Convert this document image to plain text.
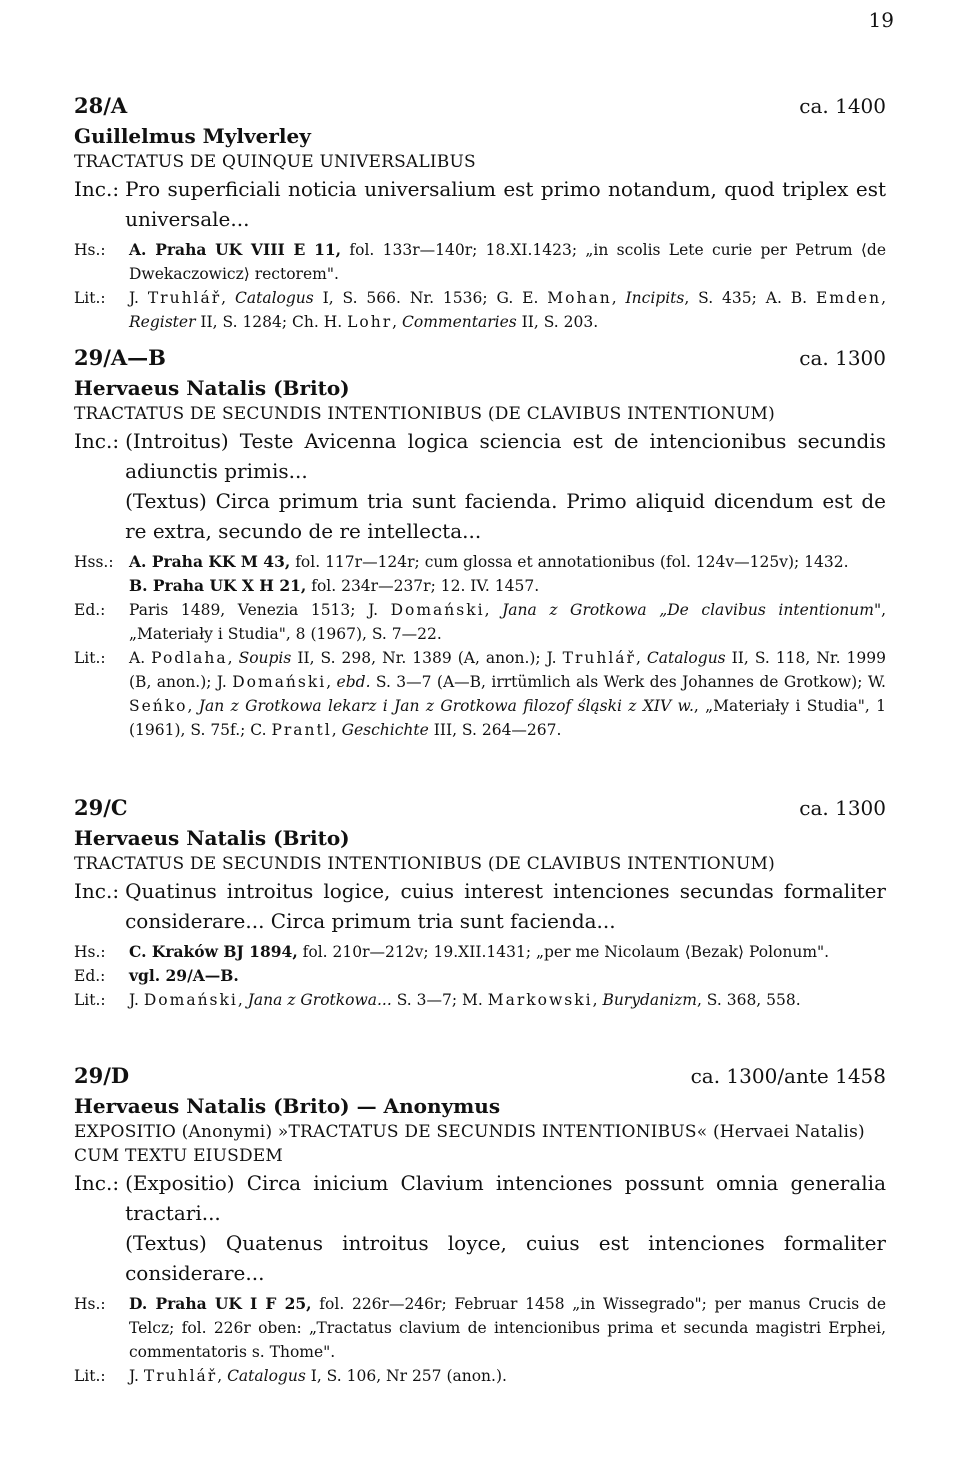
19
28/A	ca. 1400
Guillelmus Mylverley
TRACTATUS DE QUINQUE UNIVERSALIBUS
Inc.: Pro superficiali noticia universalium est primo notandum, quod triplex est universale...
Hs.:	A. Praha UK VIII E 11, fol. 133r—140r; 18.XI.1423; „in scolis Lete curie per Petrum ⟨de Dwekaczowicz⟩ rectorem".
Lit.:	J. Truhlář, Catalogus I, S. 566. Nr. 1536; G. E. Mohan, Incipits, S. 435; A. B. Emden, Register II, S. 1284; Ch. H. Lohr, Commentaries II, S. 203.
29/A—B	ca. 1300
Hervaeus Natalis (Brito)
TRACTATUS DE SECUNDIS INTENTIONIBUS (DE CLAVIBUS INTENTIONUM)
Inc.: (Introitus) Teste Avicenna logica sciencia est de intencionibus secundis adiunctis primis...
(Textus) Circa primum tria sunt facienda. Primo aliquid dicendum est de re extra, secundo de re intellecta...
Hss.: A. Praha KK M 43, fol. 117r—124r; cum glossa et annotationibus (fol. 124v—125v); 1432.
B. Praha UK X H 21, fol. 234r—237r; 12. IV. 1457.
Ed.:	Paris 1489, Venezia 1513; J. Domański, Jana z Grotkowa „De clavibus intentionum", „Materiały i Studia", 8 (1967), S. 7—22.
Lit.:	A. Podlaha, Soupis II, S. 298, Nr. 1389 (A, anon.); J. Truhlář, Catalogus II, S. 118, Nr. 1999 (B, anon.); J. Domański, ebd. S. 3—7 (A—B, irrtümlich als Werk des Johannes de Grotkow); W. Seńko, Jan z Grotkowa lekarz i Jan z Grotkowa filozof śląski z XIV w., „Materiały i Studia", 1 (1961), S. 75f.; C. Prantl, Geschichte III, S. 264—267.
29/C	ca. 1300
Hervaeus Natalis (Brito)
TRACTATUS DE SECUNDIS INTENTIONIBUS (DE CLAVIBUS INTENTIONUM)
Inc.: Quatinus introitus logice, cuius interest intenciones secundas formaliter considerare... Circa primum tria sunt facienda...
Hs.:	C. Kraków BJ 1894, fol. 210r—212v; 19.XII.1431; „per me Nicolaum ⟨Bezak⟩ Polonum".
Ed.:	vgl. 29/A—B.
Lit.:	J. Domański, Jana z Grotkowa... S. 3—7; M. Markowski, Burydanizm, S. 368, 558.
29/D	ca. 1300/ante 1458
Hervaeus Natalis (Brito) — Anonymus
EXPOSITIO (Anonymi) »TRACTATUS DE SECUNDIS INTENTIONIBUS« (Hervaei Natalis) CUM TEXTU EIUSDEM
Inc.: (Expositio) Circa inicium Clavium intenciones possunt omnia generalia tractari...
(Textus) Quatenus introitus loyce, cuius est intenciones formaliter considerare...
Hs.:	D. Praha UK I F 25, fol. 226r—246r; Februar 1458 „in Wissegrado"; per manus Crucis de Telcz; fol. 226r oben: „Tractatus clavium de intencionibus prima et secunda magistri Erphei, commentatoris s. Thome".
Lit.:	J. Truhlář, Catalogus I, S. 106, Nr 257 (anon.).
